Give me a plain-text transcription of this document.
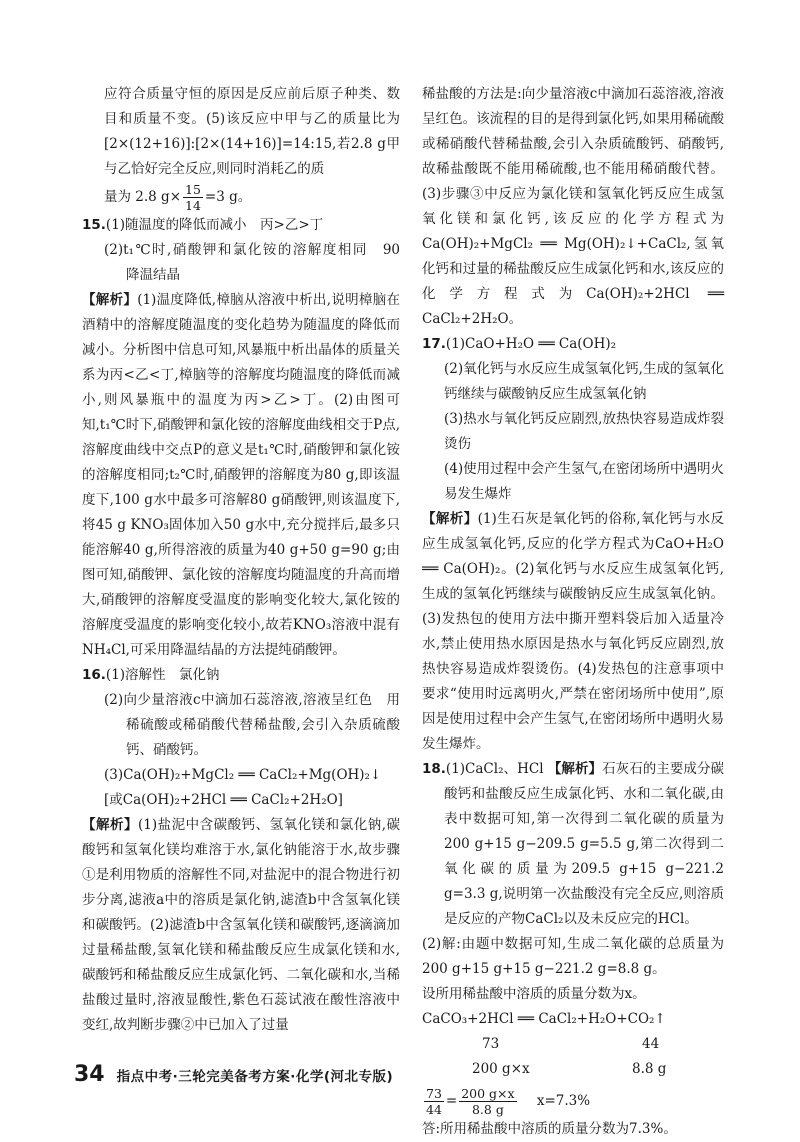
应符合质量守恒的原因是反应前后原子种类、数目和质量不变。(5)该反应中甲与乙的质量比为[2×(12+16)]:[2×(14+16)]=14:15,若2.8 g甲与乙恰好完全反应,则同时消耗乙的质

量为 2.8 $g\times \frac{15}{14} =3$ g。

15.(1)随温度的降低而减小　丙>乙>丁

(2)t₁℃时,硝酸钾和氯化铵的溶解度相同　90　降温结晶

【解析】(1)温度降低,樟脑从溶液中析出,说明樟脑在酒精中的溶解度随温度的变化趋势为随温度的降低而减小。分析图中信息可知,风暴瓶中析出晶体的质量关系为丙<乙<丁,樟脑等的溶解度均随温度的降低而减小,则风暴瓶中的温度为丙>乙>丁。(2)由图可知,t₁℃时下,硝酸钾和氯化铵的溶解度曲线相交于P点,溶解度曲线中交点P的意义是t₁℃时,硝酸钾和氯化铵的溶解度相同;t₂℃时,硝酸钾的溶解度为80 g,即该温度下,100 g水中最多可溶解80 g硝酸钾,则该温度下,将45 g KNO₃固体加入50 g水中,充分搅拌后,最多只能溶解40 g,所得溶液的质量为40 g+50 g=90 g;由图可知,硝酸钾、氯化铵的溶解度均随温度的升高而增大,硝酸钾的溶解度受温度的影响变化较大,氯化铵的溶解度受温度的影响变化较小,故若KNO₃溶液中混有NH₄Cl,可采用降温结晶的方法提纯硝酸钾。

16.(1)溶解性　氯化钠

(2)向少量溶液c中滴加石蕊溶液,溶液呈红色　用稀硫酸或稀硝酸代替稀盐酸,会引入杂质硫酸钙、硝酸钙。

(3)Ca(OH)₂+MgCl₂ ══ CaCl₂+Mg(OH)₂↓

[或Ca(OH)₂+2HCl ══ CaCl₂+2H₂O]

【解析】(1)盐泥中含碳酸钙、氢氧化镁和氯化钠,碳酸钙和氢氧化镁均难溶于水,氯化钠能溶于水,故步骤①是利用物质的溶解性不同,对盐泥中的混合物进行初步分离,滤液a中的溶质是氯化钠,滤渣b中含氢氧化镁和碳酸钙。(2)滤渣b中含氢氧化镁和碳酸钙,逐滴滴加过量稀盐酸,氢氧化镁和稀盐酸反应生成氯化镁和水,碳酸钙和稀盐酸反应生成氯化钙、二氧化碳和水,当稀盐酸过量时,溶液显酸性,紫色石蕊试液在酸性溶液中变红,故判断步骤②中已加入了过量

稀盐酸的方法是:向少量溶液c中滴加石蕊溶液,溶液呈红色。该流程的目的是得到氯化钙,如果用稀硫酸或稀硝酸代替稀盐酸,会引入杂质硫酸钙、硝酸钙,故稀盐酸既不能用稀硫酸,也不能用稀硝酸代替。(3)步骤③中反应为氯化镁和氢氧化钙反应生成氢氧化镁和氯化钙,该反应的化学方程式为Ca(OH)₂+MgCl₂ ══ Mg(OH)₂↓+CaCl₂,氢氧化钙和过量的稀盐酸反应生成氯化钙和水,该反应的化学方程式为Ca(OH)₂+2HCl ══ CaCl₂+2H₂O。

17.(1)CaO+H₂O ══ Ca(OH)₂

(2)氧化钙与水反应生成氢氧化钙,生成的氢氧化钙继续与碳酸钠反应生成氢氧化钠

(3)热水与氧化钙反应剧烈,放热快容易造成炸裂烫伤

(4)使用过程中会产生氢气,在密闭场所中遇明火易发生爆炸

【解析】(1)生石灰是氧化钙的俗称,氧化钙与水反应生成氢氧化钙,反应的化学方程式为CaO+H₂O ══ Ca(OH)₂。(2)氧化钙与水反应生成氢氧化钙,生成的氢氧化钙继续与碳酸钠反应生成氢氧化钠。(3)发热包的使用方法中撕开塑料袋后加入适量冷水,禁止使用热水原因是热水与氧化钙反应剧烈,放热快容易造成炸裂烫伤。(4)发热包的注意事项中要求“使用时远离明火,严禁在密闭场所中使用”,原因是使用过程中会产生氢气,在密闭场所中遇明火易发生爆炸。

18.(1)CaCl₂、HCl 【解析】石灰石的主要成分碳酸钙和盐酸反应生成氯化钙、水和二氧化碳,由表中数据可知,第一次得到二氧化碳的质量为200 g+15 g−209.5 g=5.5 g,第二次得到二氧化碳的质量为209.5 g+15 g−221.2 g=3.3 g,说明第一次盐酸没有完全反应,则溶质是反应的产物CaCl₂以及未反应完的HCl。

(2)解:由题中数据可知,生成二氧化碳的总质量为200 g+15 g+15 g−221.2 g=8.8 g。

设所用稀盐酸中溶质的质量分数为x。

CaCO₃+2HCl ══ CaCl₂+H₂O+CO₂↑

73	44
200 g×x	8.8 g

$\frac{73}{44} = \frac{200 g\times x}{8.8 g} x=7.3\%$

答:所用稀盐酸中溶质的质量分数为7.3%。

34 指点中考·三轮完美备考方案·化学(河北专版)
